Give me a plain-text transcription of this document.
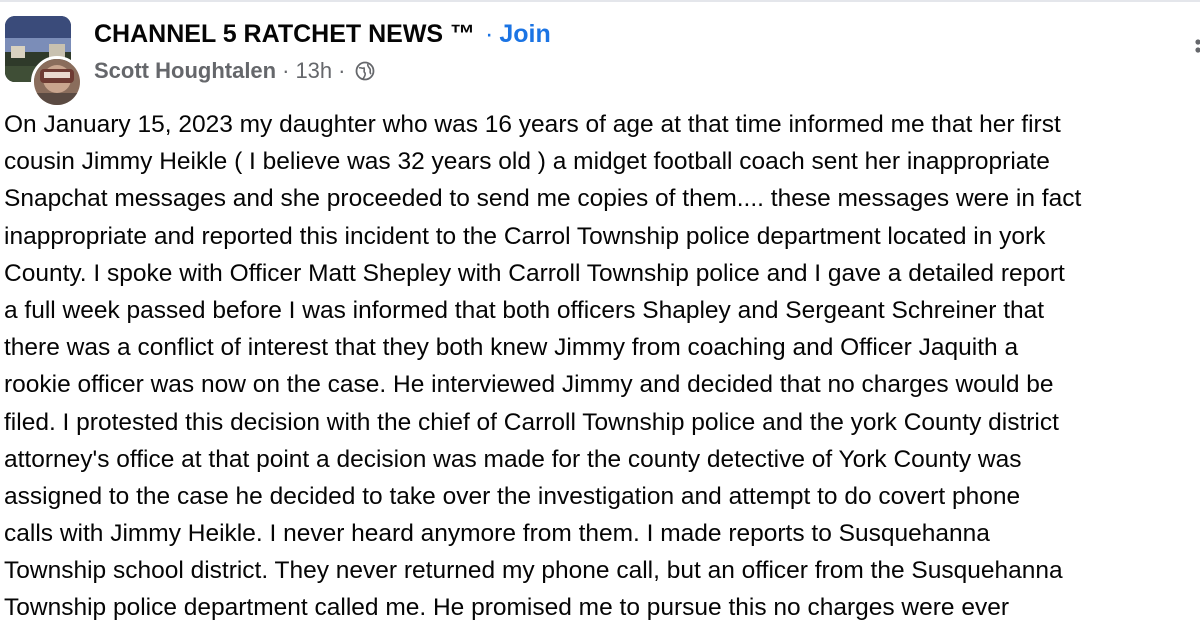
CHANNEL 5 RATCHET NEWS ™ · Join
Scott Houghtalen · 13h ·
On January 15, 2023 my daughter who was 16 years of age at that time informed me that her first
cousin Jimmy Heikle ( I believe was 32 years old ) a midget football coach sent her inappropriate
Snapchat messages and she proceeded to send me copies of them.... these messages were in fact
inappropriate and reported this incident to the Carrol Township police department located in york
County. I spoke with Officer Matt Shepley with Carroll Township police and I gave a detailed report
a full week passed before I was informed that both officers Shapley and Sergeant Schreiner that
there was a conflict of interest that they both knew Jimmy from coaching and Officer Jaquith a
rookie officer was now on the case. He interviewed Jimmy and decided that no charges would be
filed. I protested this decision with the chief of Carroll Township police and the york County district
attorney's office at that point a decision was made for the county detective of York County was
assigned to the case he decided to take over the investigation and attempt to do covert phone
calls with Jimmy Heikle. I never heard anymore from them. I made reports to Susquehanna
Township school district. They never returned my phone call, but an officer from the Susquehanna
Township police department called me. He promised me to pursue this no charges were ever
